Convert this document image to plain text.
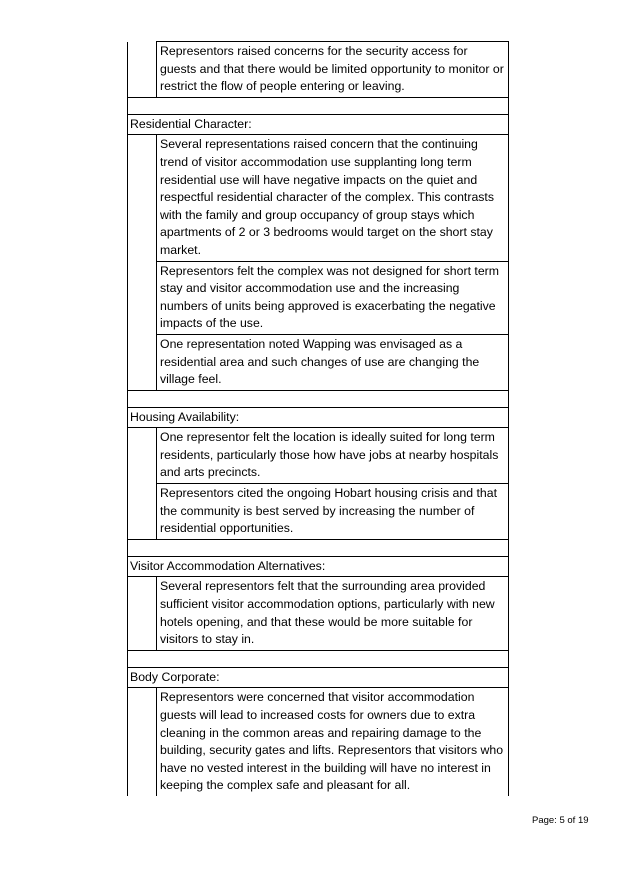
	Representors raised concerns for the security access for guests and that there would be limited opportunity to monitor or restrict the flow of people entering or leaving.

Residential Character:	
	Several representations raised concern that the continuing trend of visitor accommodation use supplanting long term residential use will have negative impacts on the quiet and respectful residential character of the complex. This contrasts with the family and group occupancy of group stays which apartments of 2 or 3 bedrooms would target on the short stay market.
	Representors felt the complex was not designed for short term stay and visitor accommodation use and the increasing numbers of units being approved is exacerbating the negative impacts of the use.
	One representation noted Wapping was envisaged as a residential area and such changes of use are changing the village feel.

Housing Availability:	
	One representor felt the location is ideally suited for long term residents, particularly those how have jobs at nearby hospitals and arts precincts.
	Representors cited the ongoing Hobart housing crisis and that the community is best served by increasing the number of residential opportunities.

Visitor Accommodation Alternatives:	
	Several representors felt that the surrounding area provided sufficient visitor accommodation options, particularly with new hotels opening, and that these would be more suitable for visitors to stay in.

Body Corporate:	
	Representors were concerned that visitor accommodation guests will lead to increased costs for owners due to extra cleaning in the common areas and repairing damage to the building, security gates and lifts. Representors that visitors who have no vested interest in the building will have no interest in keeping the complex safe and pleasant for all.
Page: 5 of 19
